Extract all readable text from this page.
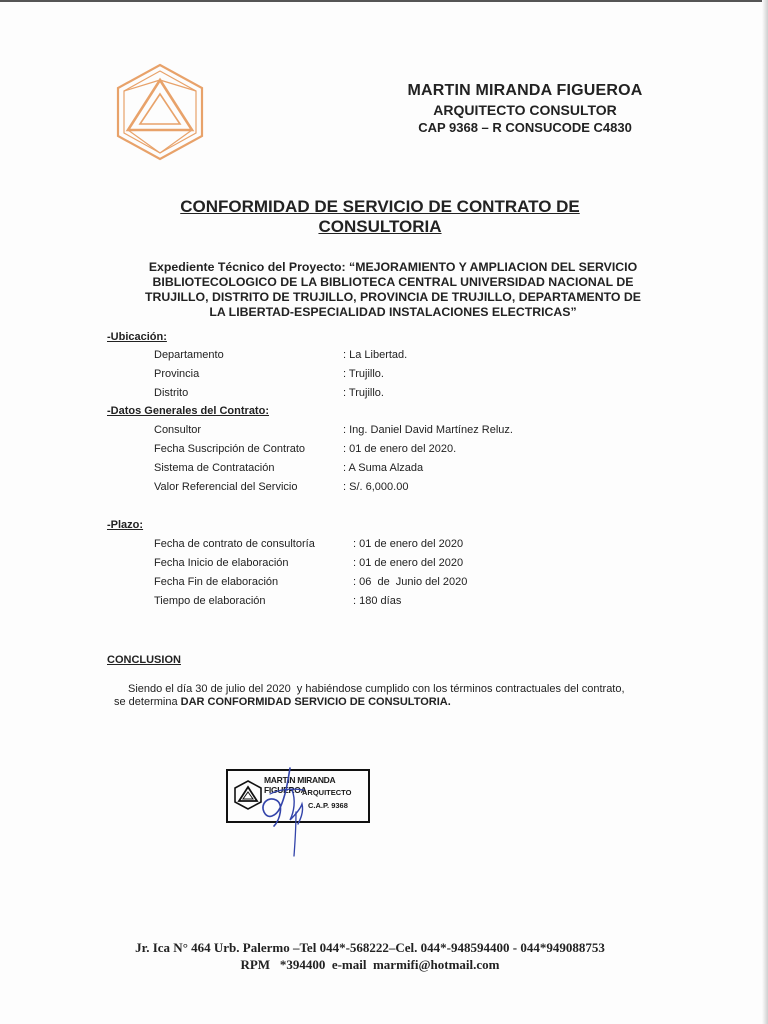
MARTIN MIRANDA FIGUEROA
ARQUITECTO CONSULTOR
CAP 9368 – R CONSUCODE C4830
CONFORMIDAD DE SERVICIO DE CONTRATO DE
CONSULTORIA
Expediente Técnico del Proyecto: “MEJORAMIENTO Y AMPLIACION DEL SERVICIO
BIBLIOTECOLOGICO DE LA BIBLIOTECA CENTRAL UNIVERSIDAD NACIONAL DE
TRUJILLO, DISTRITO DE TRUJILLO, PROVINCIA DE TRUJILLO, DEPARTAMENTO DE
LA LIBERTAD-ESPECIALIDAD INSTALACIONES ELECTRICAS”
-Ubicación:
Departamento	: La Libertad.
Provincia	: Trujillo.
Distrito	: Trujillo.
-Datos Generales del Contrato:
Consultor	: Ing. Daniel David Martínez Reluz.
Fecha Suscripción de Contrato	: 01 de enero del 2020.
Sistema de Contratación	: A Suma Alzada
Valor Referencial del Servicio	: S/. 6,000.00
-Plazo:
Fecha de contrato de consultoría	: 01 de enero del 2020
Fecha Inicio de elaboración	: 01 de enero del 2020
Fecha Fin de elaboración	: 06  de  Junio del 2020
Tiempo de elaboración	: 180 días
CONCLUSION
Siendo el día 30 de julio del 2020  y habiéndose cumplido con los términos contractuales del contrato,
se determina DAR CONFORMIDAD SERVICIO DE CONSULTORIA.
MARTIN MIRANDA FIGUEROA
ARQUITECTO
C.A.P. 9368
Jr. Ica N° 464 Urb. Palermo –Tel 044*-568222–Cel. 044*-948594400 - 044*949088753
RPM   *394400  e-mail  marmifi@hotmail.com
